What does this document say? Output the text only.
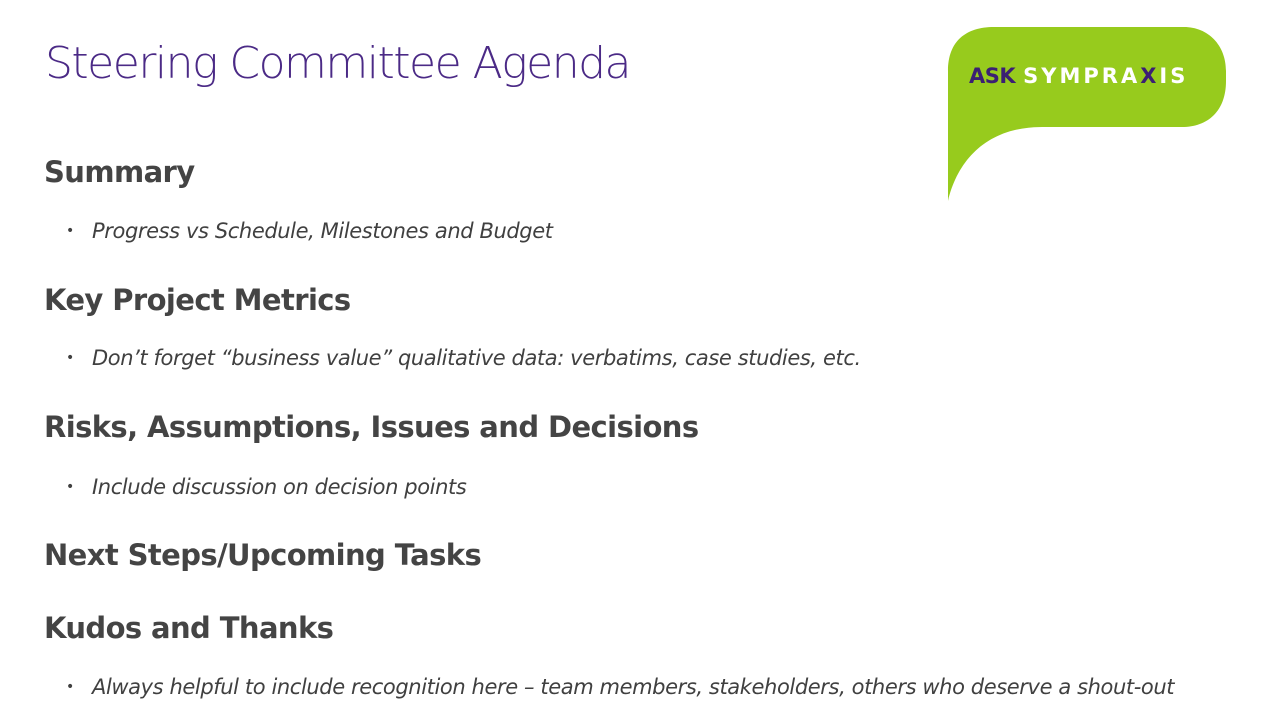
Steering Committee Agenda	ASK SYMPRAXIS
Summary
• Progress vs Schedule, Milestones and Budget
Key Project Metrics
• Don’t forget “business value” qualitative data: verbatims, case studies, etc.
Risks, Assumptions, Issues and Decisions
• Include discussion on decision points
Next Steps/Upcoming Tasks
Kudos and Thanks
• Always helpful to include recognition here – team members, stakeholders, others who deserve a shout-out
